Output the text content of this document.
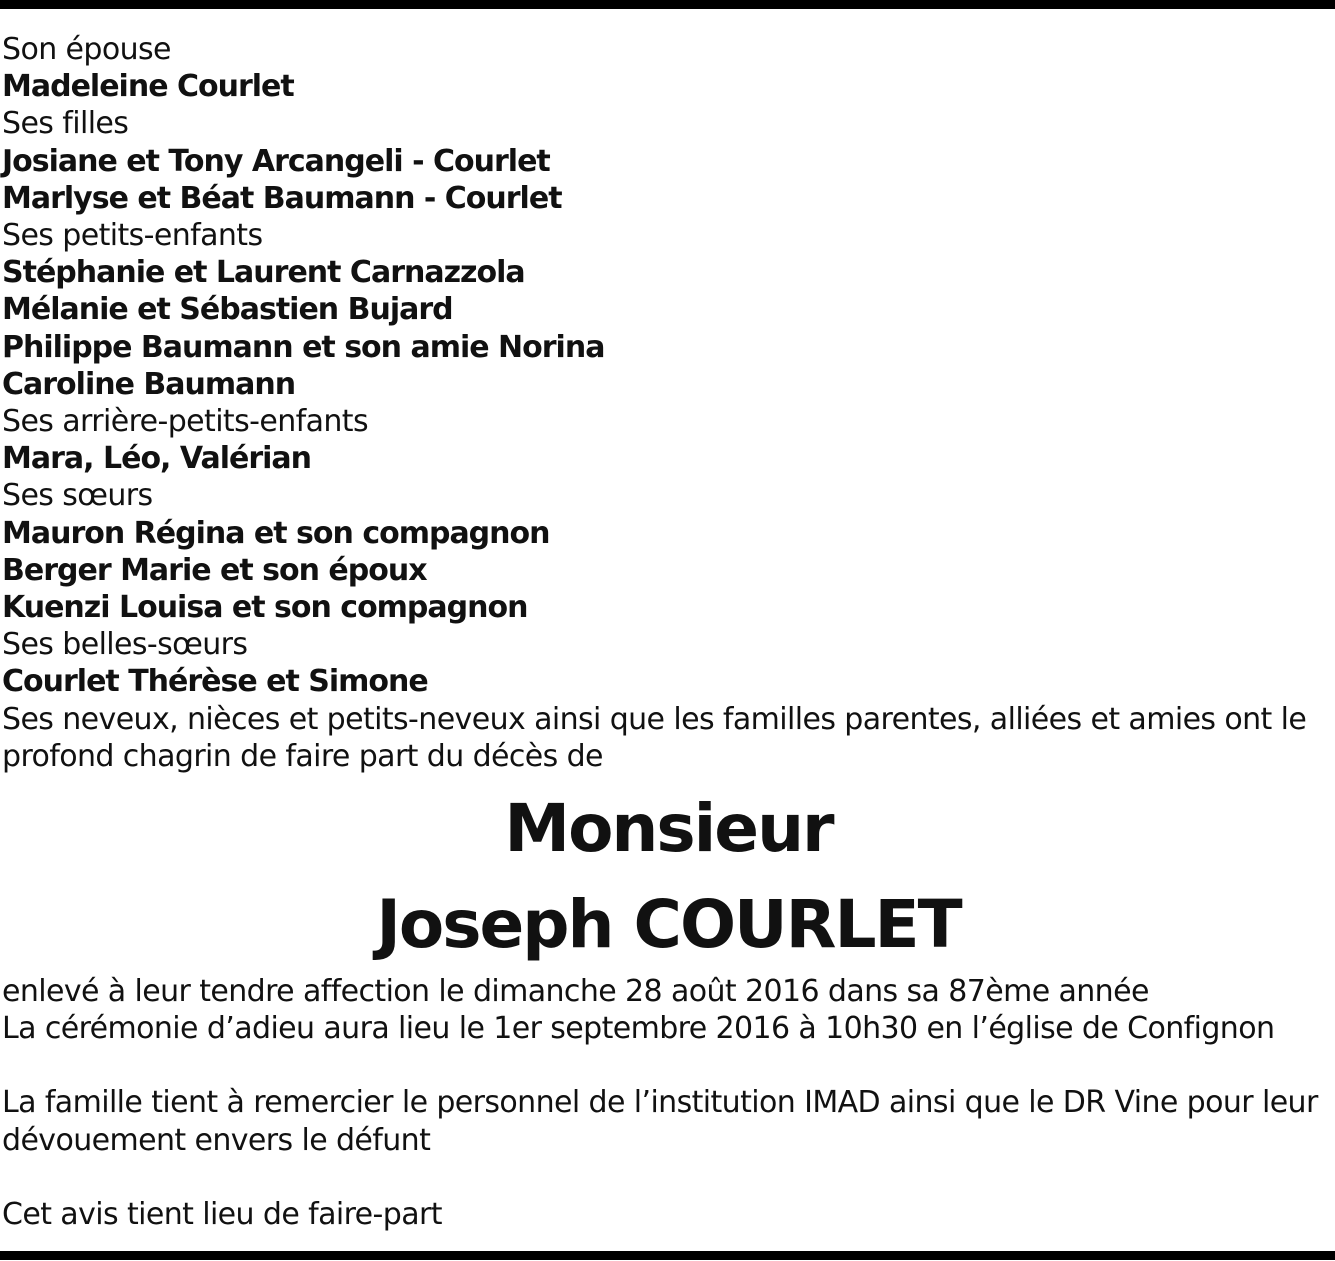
Son épouse
Madeleine Courlet
Ses filles
Josiane et Tony Arcangeli - Courlet
Marlyse et Béat Baumann - Courlet
Ses petits-enfants
Stéphanie et Laurent Carnazzola
Mélanie et Sébastien Bujard
Philippe Baumann et son amie Norina
Caroline Baumann
Ses arrière-petits-enfants
Mara, Léo, Valérian
Ses sœurs
Mauron Régina et son compagnon
Berger Marie et son époux
Kuenzi Louisa et son compagnon
Ses belles-sœurs
Courlet Thérèse et Simone
Ses neveux, nièces et petits-neveux ainsi que les familles parentes, alliées et amies ont le profond chagrin de faire part du décès de
Monsieur
Joseph COURLET
enlevé à leur tendre affection le dimanche 28 août 2016 dans sa 87ème année
La cérémonie d’adieu aura lieu le 1er septembre 2016 à 10h30 en l’église de Confignon
La famille tient à remercier le personnel de l’institution IMAD ainsi que le DR Vine pour leur dévouement envers le défunt
Cet avis tient lieu de faire-part
